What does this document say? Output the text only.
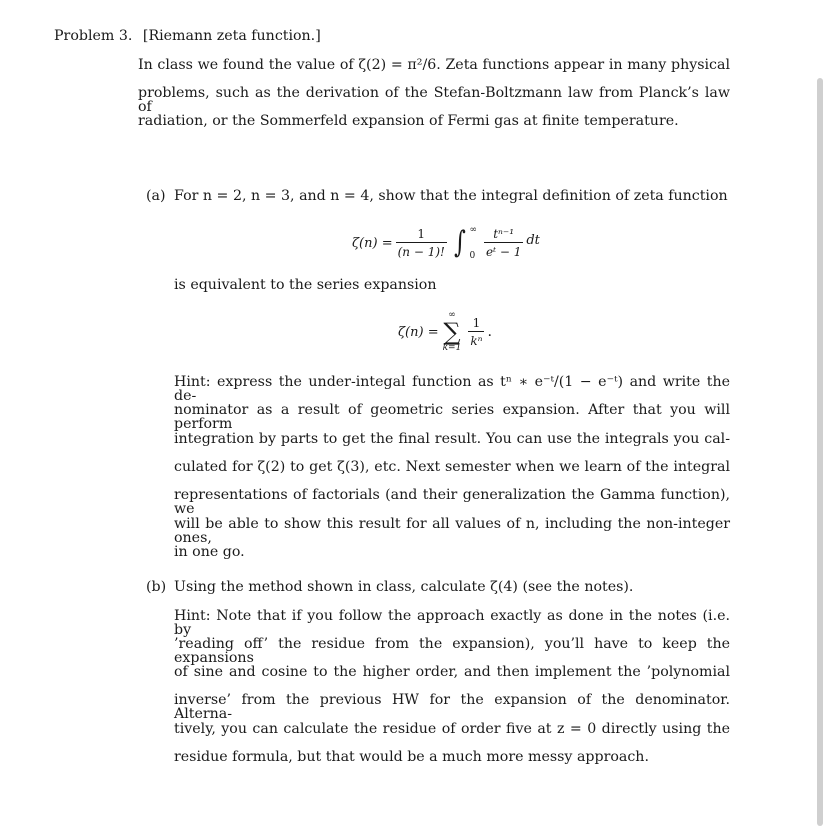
Problem 3. [Riemann zeta function.]
In class we found the value of ζ(2) = π²/6. Zeta functions appear in many physical
problems, such as the derivation of the Stefan-Boltzmann law from Planck’s law of
radiation, or the Sommerfeld expansion of Fermi gas at finite temperature.
(a) For n = 2, n = 3, and n = 4, show that the integral definition of zeta function
$\zeta(n) = \frac{1}{(n - 1)!}$ ∫ ∞
$0 \frac{\text{tⁿ⁻¹}}{\text{eᵗ − 1}}$ dt
is equivalent to the series expansion
ζ(n) =
∞
∑
$k=1 \frac{1}{\text{kⁿ}}$ .
Hint: express the under-integal function as tⁿ ∗ e⁻ᵗ/(1 − e⁻ᵗ) and write the de-
nominator as a result of geometric series expansion. After that you will perform
integration by parts to get the final result. You can use the integrals you cal-
culated for ζ(2) to get ζ(3), etc. Next semester when we learn of the integral
representations of factorials (and their generalization the Gamma function), we
will be able to show this result for all values of n, including the non-integer ones,
in one go.
(b) Using the method shown in class, calculate ζ(4) (see the notes).
Hint: Note that if you follow the approach exactly as done in the notes (i.e. by
’reading off’ the residue from the expansion), you’ll have to keep the expansions
of sine and cosine to the higher order, and then implement the ’polynomial
inverse’ from the previous HW for the expansion of the denominator. Alterna-
tively, you can calculate the residue of order five at z = 0 directly using the
residue formula, but that would be a much more messy approach.
